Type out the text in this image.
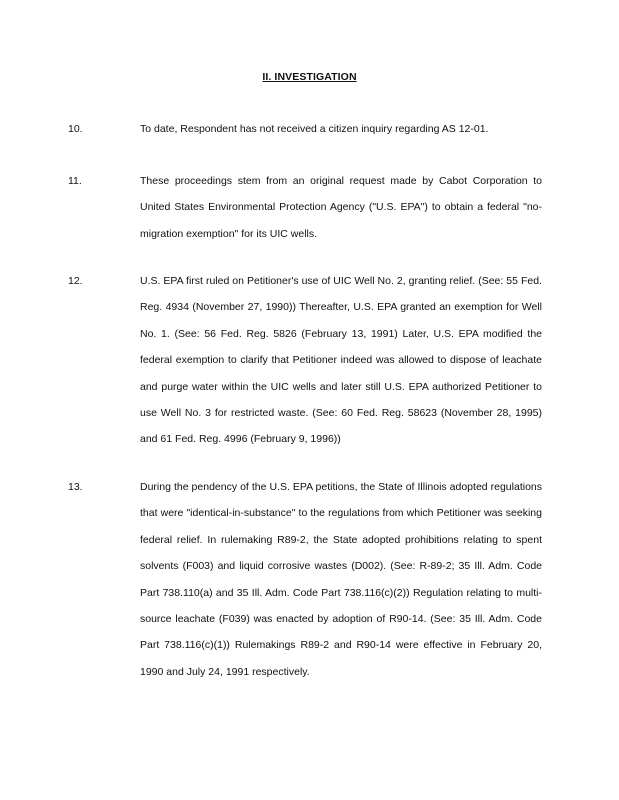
II. INVESTIGATION
10.	To date, Respondent has not received a citizen inquiry regarding AS 12-01.

11.	These proceedings stem from an original request made by Cabot Corporation to United States Environmental Protection Agency ("U.S. EPA") to obtain a federal "no-migration exemption" for its UIC wells.

12.	U.S. EPA first ruled on Petitioner's use of UIC Well No. 2, granting relief. (See: 55 Fed. Reg. 4934 (November 27, 1990)) Thereafter, U.S. EPA granted an exemption for Well No. 1. (See: 56 Fed. Reg. 5826 (February 13, 1991) Later, U.S. EPA modified the federal exemption to clarify that Petitioner indeed was allowed to dispose of leachate and purge water within the UIC wells and later still U.S. EPA authorized Petitioner to use Well No. 3 for restricted waste. (See: 60 Fed. Reg. 58623 (November 28, 1995) and 61 Fed. Reg. 4996 (February 9, 1996))

13.	During the pendency of the U.S. EPA petitions, the State of Illinois adopted regulations that were "identical-in-substance" to the regulations from which Petitioner was seeking federal relief. In rulemaking R89-2, the State adopted prohibitions relating to spent solvents (F003) and liquid corrosive wastes (D002). (See: R-89-2; 35 Ill. Adm. Code Part 738.110(a) and 35 Ill. Adm. Code Part 738.116(c)(2)) Regulation relating to multi-source leachate (F039) was enacted by adoption of R90-14. (See: 35 Ill. Adm. Code Part 738.116(c)(1)) Rulemakings R89-2 and R90-14 were effective in February 20, 1990 and July 24, 1991 respectively.
